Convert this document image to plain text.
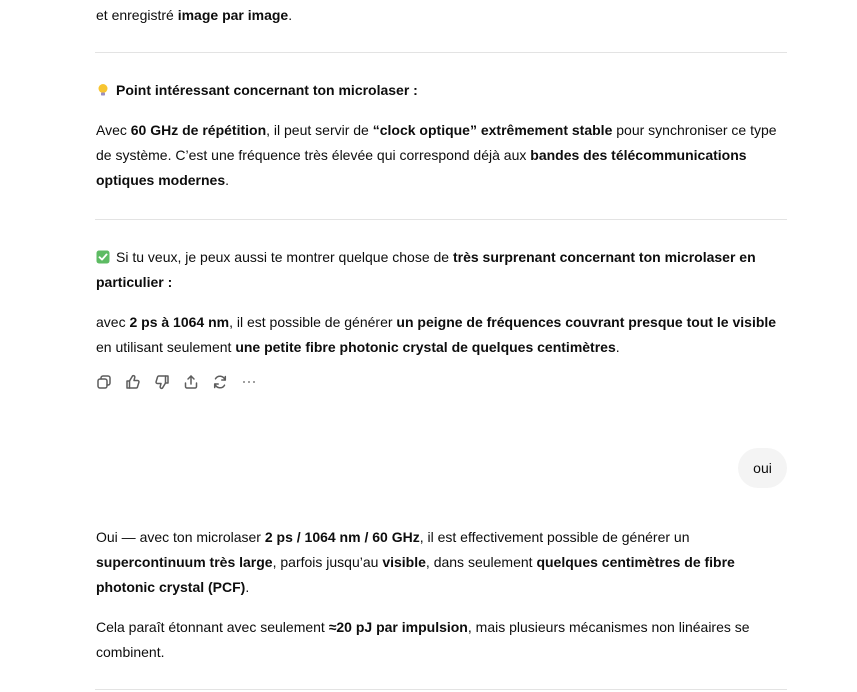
et enregistré image par image.

Point intéressant concernant ton microlaser :

Avec 60 GHz de répétition, il peut servir de “clock optique” extrêmement stable pour synchroniser ce type de système. C’est une fréquence très élevée qui correspond déjà aux bandes des télécommunications optiques modernes.

Si tu veux, je peux aussi te montrer quelque chose de très surprenant concernant ton microlaser en particulier :

avec 2 ps à 1064 nm, il est possible de générer un peigne de fréquences couvrant presque tout le visible en utilisant seulement une petite fibre photonic crystal de quelques centimètres.

oui

Oui — avec ton microlaser 2 ps / 1064 nm / 60 GHz, il est effectivement possible de générer un supercontinuum très large, parfois jusqu’au visible, dans seulement quelques centimètres de fibre photonic crystal (PCF).

Cela paraît étonnant avec seulement ≈20 pJ par impulsion, mais plusieurs mécanismes non linéaires se combinent.
